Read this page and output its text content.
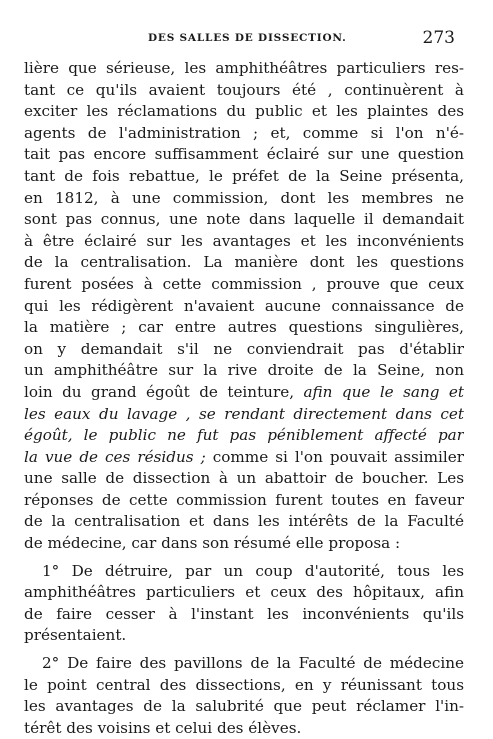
DES SALLES DE DISSECTION.	273
lière que sérieuse, les amphithéâtres particuliers res-
tant ce qu'ils avaient toujours été , continuèrent à
exciter les réclamations du public et les plaintes des
agents de l'administration ; et, comme si l'on n'é-
tait pas encore suffisamment éclairé sur une question
tant de fois rebattue, le préfet de la Seine présenta,
en 1812, à une commission, dont les membres ne
sont pas connus, une note dans laquelle il demandait
à être éclairé sur les avantages et les inconvénients
de la centralisation. La manière dont les questions
furent posées à cette commission , prouve que ceux
qui les rédigèrent n'avaient aucune connaissance de
la matière ; car entre autres questions singulières,
on y demandait s'il ne conviendrait pas d'établir
un amphithéâtre sur la rive droite de la Seine, non
loin du grand égoût de teinture, afin que le sang et
les eaux du lavage , se rendant directement dans cet
égoût, le public ne fut pas péniblement affecté par
la vue de ces résidus ; comme si l'on pouvait assimiler
une salle de dissection à un abattoir de boucher. Les
réponses de cette commission furent toutes en faveur
de la centralisation et dans les intérêts de la Faculté
de médecine, car dans son résumé elle proposa :
1° De détruire, par un coup d'autorité, tous les
amphithéâtres particuliers et ceux des hôpitaux, afin
de faire cesser à l'instant les inconvénients qu'ils
présentaient.
2° De faire des pavillons de la Faculté de médecine
le point central des dissections, en y réunissant tous
les avantages de la salubrité que peut réclamer l'in-
térêt des voisins et celui des élèves.
